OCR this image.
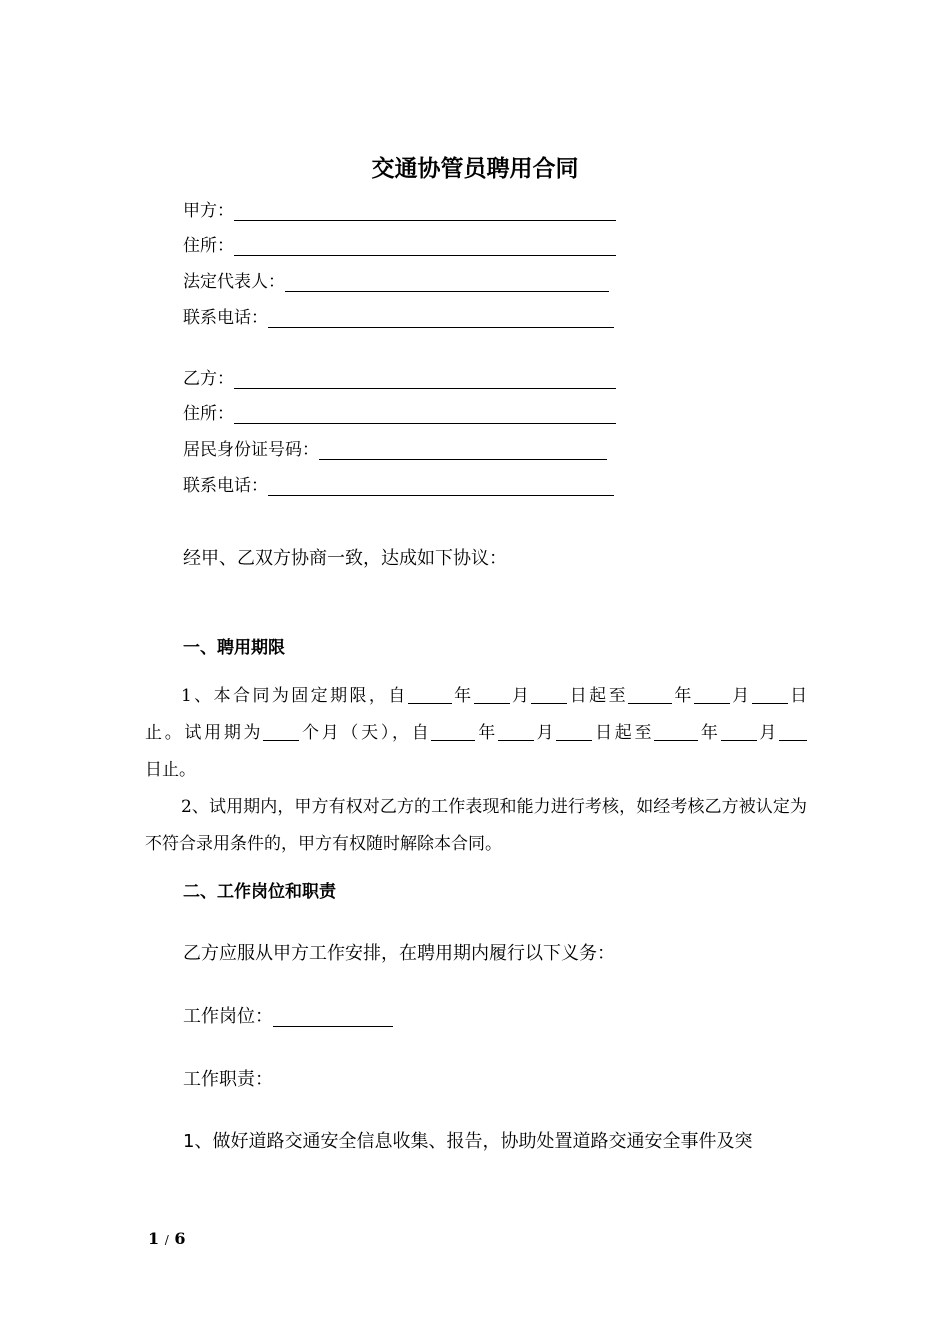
交通协管员聘用合同
甲方：
住所：
法定代表人：
联系电话：
乙方：
住所：
居民身份证号码：
联系电话：
经甲、乙双方协商一致，达成如下协议：
一、聘用期限

1、本合同为固定期限，自	年 月 日起至	年 月 日

止。试用期为 个月（天），自	年 月 日起至	年 月

日止。

2、试用期内，甲方有权对乙方的工作表现和能力进行考核，如经考核乙方被认定为不符合录用条件的，甲方有权随时解除本合同。

二、工作岗位和职责
乙方应服从甲方工作安排，在聘用期内履行以下义务：
工作岗位：
工作职责：
1、做好道路交通安全信息收集、报告，协助处置道路交通安全事件及突
1 / 6
